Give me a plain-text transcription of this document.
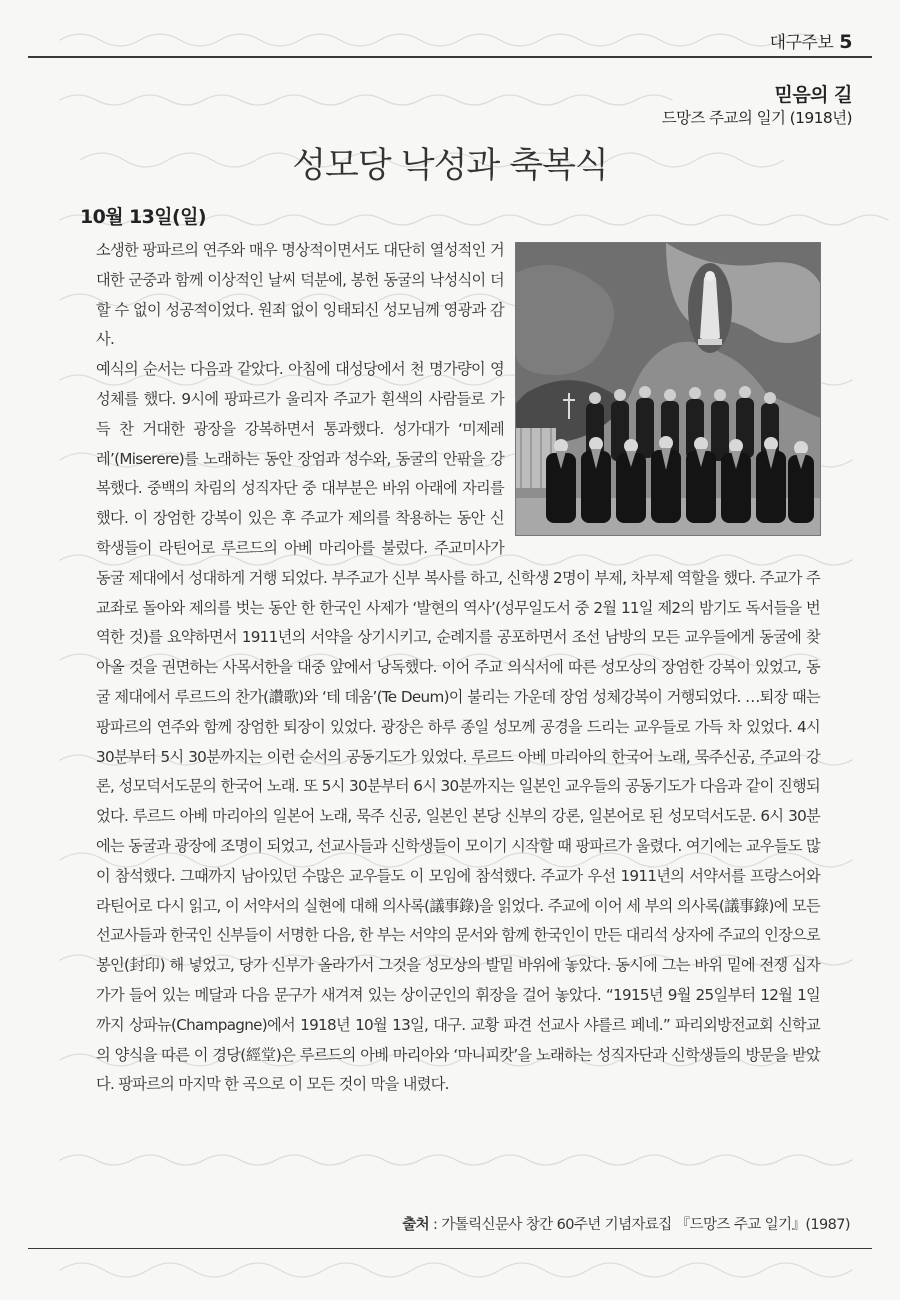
대구주보 5
믿음의 길
드망즈 주교의 일기 (1918년)
성모당 낙성과 축복식
10월 13일(일)

소생한 팡파르의 연주와 매우 명상적이면서도 대단히 열성적인 거대한 군중과 함께 이상적인 날씨 덕분에, 봉헌 동굴의 낙성식이 더할 수 없이 성공적이었다. 원죄 없이 잉태되신 성모님께 영광과 감사.

예식의 순서는 다음과 같았다. 아침에 대성당에서 천 명가량이 영성체를 했다. 9시에 팡파르가 울리자 주교가 흰색의 사람들로 가득 찬 거대한 광장을 강복하면서 통과했다. 성가대가 ‘미제레레’(Miserere)를 노래하는 동안 장엄과 성수와, 동굴의 안팎을 강복했다. 중백의 차림의 성직자단 중 대부분은 바위 아래에 자리를 했다. 이 장엄한 강복이 있은 후 주교가 제의를 착용하는 동안 신학생들이 라틴어로 루르드의 아베 마리아를 불렀다. 주교미사가 동굴 제대에서 성대하게 거행 되었다. 부주교가 신부 복사를 하고, 신학생 2명이 부제, 차부제 역할을 했다. 주교가 주교좌로 돌아와 제의를 벗는 동안 한 한국인 사제가 ‘발현의 역사’(성무일도서 중 2월 11일 제2의 밤기도 독서들을 번역한 것)를 요약하면서 1911년의 서약을 상기시키고, 순례지를 공포하면서 조선 남방의 모든 교우들에게 동굴에 찾아올 것을 권면하는 사목서한을 대중 앞에서 낭독했다. 이어 주교 의식서에 따른 성모상의 장엄한 강복이 있었고, 동굴 제대에서 루르드의 찬가(讚歌)와 ‘테 데움’(Te Deum)이 불리는 가운데 장엄 성체강복이 거행되었다. …퇴장 때는 팡파르의 연주와 함께 장엄한 퇴장이 있었다. 광장은 하루 종일 성모께 공경을 드리는 교우들로 가득 차 있었다. 4시 30분부터 5시 30분까지는 이런 순서의 공동기도가 있었다. 루르드 아베 마리아의 한국어 노래, 묵주신공, 주교의 강론, 성모덕서도문의 한국어 노래. 또 5시 30분부터 6시 30분까지는 일본인 교우들의 공동기도가 다음과 같이 진행되었다. 루르드 아베 마리아의 일본어 노래, 묵주 신공, 일본인 본당 신부의 강론, 일본어로 된 성모덕서도문. 6시 30분에는 동굴과 광장에 조명이 되었고, 선교사들과 신학생들이 모이기 시작할 때 팡파르가 울렸다. 여기에는 교우들도 많이 참석했다. 그때까지 남아있던 수많은 교우들도 이 모임에 참석했다. 주교가 우선 1911년의 서약서를 프랑스어와 라틴어로 다시 읽고, 이 서약서의 실현에 대해 의사록(議事錄)을 읽었다. 주교에 이어 세 부의 의사록(議事錄)에 모든 선교사들과 한국인 신부들이 서명한 다음, 한 부는 서약의 문서와 함께 한국인이 만든 대리석 상자에 주교의 인장으로 봉인(封印) 해 넣었고, 당가 신부가 올라가서 그것을 성모상의 발밑 바위에 놓았다. 동시에 그는 바위 밑에 전쟁 십자가가 들어 있는 메달과 다음 문구가 새겨져 있는 상이군인의 휘장을 걸어 놓았다. “1915년 9월 25일부터 12월 1일까지 상파뉴(Champagne)에서 1918년 10월 13일, 대구. 교황 파견 선교사 샤를르 페네.” 파리외방전교회 신학교의 양식을 따른 이 경당(經堂)은 루르드의 아베 마리아와 ‘마니피캇’을 노래하는 성직자단과 신학생들의 방문을 받았다. 팡파르의 마지막 한 곡으로 이 모든 것이 막을 내렸다.

출처 : 가톨릭신문사 창간 60주년 기념자료집 『드망즈 주교 일기』(1987)
